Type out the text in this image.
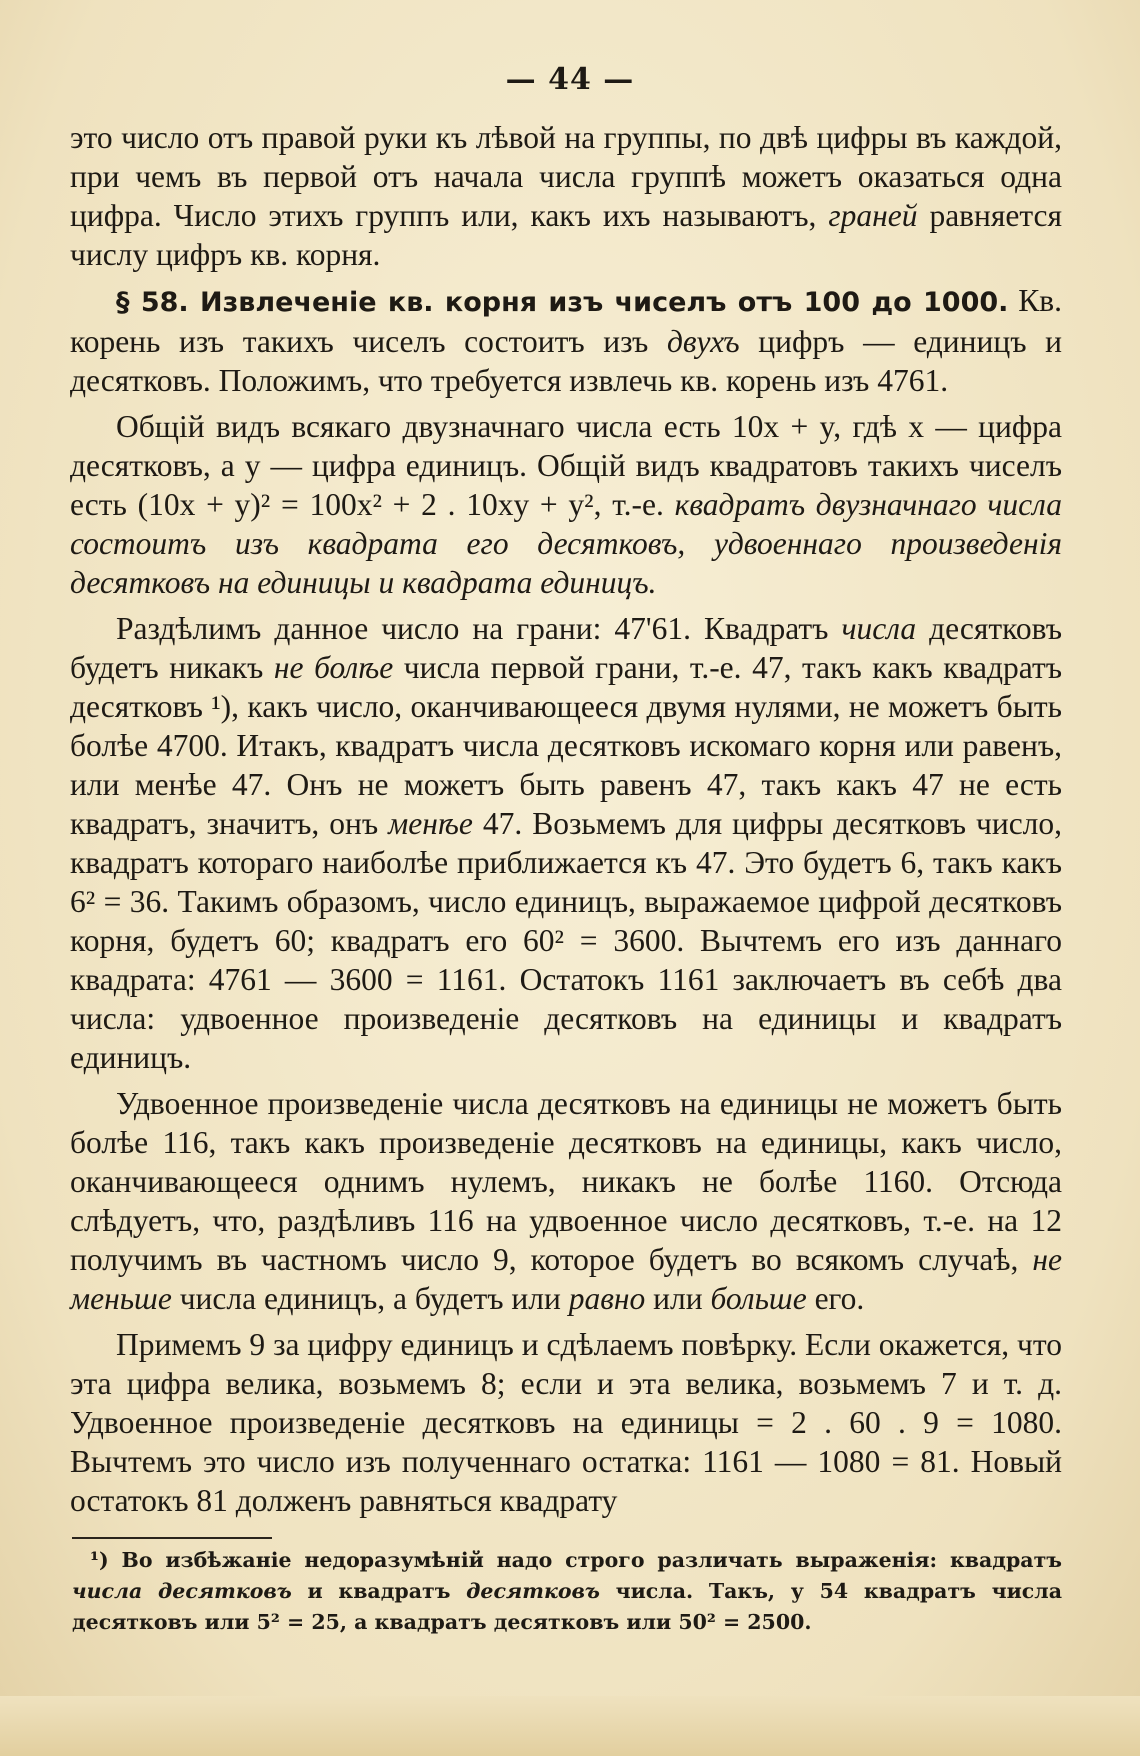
— 44 —

это число отъ правой руки къ лѣвой на группы, по двѣ цифры въ каждой, при чемъ въ первой отъ начала числа группѣ можетъ оказаться одна цифра. Число этихъ группъ или, какъ ихъ называютъ, граней равняется числу цифръ кв. корня.

§ 58. Извлеченіе кв. корня изъ чиселъ отъ 100 до 1000. Кв. корень изъ такихъ чиселъ состоитъ изъ двухъ цифръ — единицъ и десятковъ. Положимъ, что требуется извлечь кв. корень изъ 4761.

Общій видъ всякаго двузначнаго числа есть 10x + y, гдѣ x — цифра десятковъ, а y — цифра единицъ. Общій видъ квадратовъ такихъ чиселъ есть (10x + y)² = 100x² + 2 . 10xy + y², т.-е. квадратъ двузначнаго числа состоитъ изъ квадрата его десятковъ, удвоеннаго произведенія десятковъ на единицы и квадрата единицъ.

Раздѣлимъ данное число на грани: 47'61. Квадратъ числа десятковъ будетъ никакъ не болѣе числа первой грани, т.-е. 47, такъ какъ квадратъ десятковъ ¹), какъ число, оканчивающееся двумя нулями, не можетъ быть болѣе 4700. Итакъ, квадратъ числа десятковъ искомаго корня или равенъ, или менѣе 47. Онъ не можетъ быть равенъ 47, такъ какъ 47 не есть квадратъ, значитъ, онъ менѣе 47. Возьмемъ для цифры десятковъ число, квадратъ котораго наиболѣе приближается къ 47. Это будетъ 6, такъ какъ 6² = 36. Такимъ образомъ, число единицъ, выражаемое цифрой десятковъ корня, будетъ 60; квадратъ его 60² = 3600. Вычтемъ его изъ даннаго квадрата: 4761 — 3600 = 1161. Остатокъ 1161 заключаетъ въ себѣ два числа: удвоенное произведеніе десятковъ на единицы и квадратъ единицъ.

Удвоенное произведеніе числа десятковъ на единицы не можетъ быть болѣе 116, такъ какъ произведеніе десятковъ на единицы, какъ число, оканчивающееся однимъ нулемъ, никакъ не болѣе 1160. Отсюда слѣдуетъ, что, раздѣливъ 116 на удвоенное число десятковъ, т.-е. на 12 получимъ въ частномъ число 9, которое будетъ во всякомъ случаѣ, не меньше числа единицъ, а будетъ или равно или больше его.

Примемъ 9 за цифру единицъ и сдѣлаемъ повѣрку. Если окажется, что эта цифра велика, возьмемъ 8; если и эта велика, возьмемъ 7 и т. д. Удвоенное произведеніе десятковъ на единицы = 2 . 60 . 9 = 1080. Вычтемъ это число изъ полученнаго остатка: 1161 — 1080 = 81. Новый остатокъ 81 долженъ равняться квадрату

¹) Во избѣжаніе недоразумѣній надо строго различать выраженія: квадратъ числа десятковъ и квадратъ десятковъ числа. Такъ, у 54 квадратъ числа десятковъ или 5² = 25, а квадратъ десятковъ или 50² = 2500.
